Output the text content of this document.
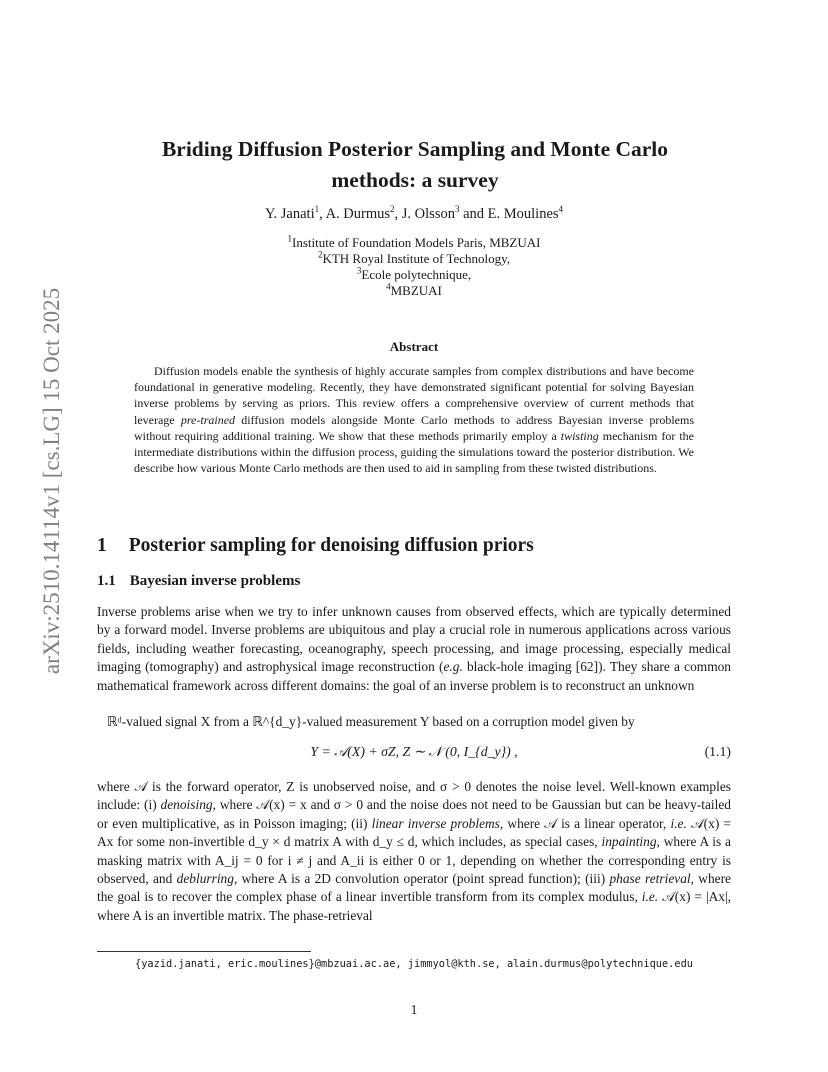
arXiv:2510.14114v1 [cs.LG] 15 Oct 2025
Briding Diffusion Posterior Sampling and Monte Carlo
methods: a survey
Y. Janati$^1$, A. Durmus$^2$, J. Olsson$^3$ and E. Moulines$^4$
$^1$Institute of Foundation Models Paris, MBZUAI
$^2$KTH Royal Institute of Technology,
$^3$Ecole polytechnique,
$^4$MBZUAI
Abstract
Diffusion models enable the synthesis of highly accurate samples from complex distributions and have become foundational in generative modeling. Recently, they have demonstrated significant potential for solving Bayesian inverse problems by serving as priors. This review offers a comprehensive overview of current methods that leverage pre-trained diffusion models alongside Monte Carlo methods to address Bayesian inverse problems without requiring additional training. We show that these methods primarily employ a twisting mechanism for the intermediate distributions within the diffusion process, guiding the simulations toward the posterior distribution. We describe how various Monte Carlo methods are then used to aid in sampling from these twisted distributions.
1 Posterior sampling for denoising diffusion priors
1.1 Bayesian inverse problems
Inverse problems arise when we try to infer unknown causes from observed effects, which are typically determined by a forward model. Inverse problems are ubiquitous and play a crucial role in numerous applications across various fields, including weather forecasting, oceanography, speech processing, and image processing, especially medical imaging (tomography) and astrophysical image reconstruction (e.g. black-hole imaging [62]). They share a common mathematical framework across different domains: the goal of an inverse problem is to reconstruct an unknown
ℝᵈ-valued signal X from a ℝ^{d_y}-valued measurement Y based on a corruption model given by
Y = 𝒜(X) + σZ, Z ∼ 𝒩 (0, I_{d_y}) ,	(1.1)
where 𝒜 is the forward operator, Z is unobserved noise, and σ > 0 denotes the noise level. Well-known examples include: (i) denoising, where 𝒜(x) = x and σ > 0 and the noise does not need to be Gaussian but can be heavy-tailed or even multiplicative, as in Poisson imaging; (ii) linear inverse problems, where 𝒜 is a linear operator, i.e. 𝒜(x) = Ax for some non-invertible d_y × d matrix A with d_y ≤ d, which includes, as special cases, inpainting, where A is a masking matrix with A_ij = 0 for i ≠ j and A_ii is either 0 or 1, depending on whether the corresponding entry is observed, and deblurring, where A is a 2D convolution operator (point spread function); (iii) phase retrieval, where the goal is to recover the complex phase of a linear invertible transform from its complex modulus, i.e. 𝒜(x) = |Ax|, where A is an invertible matrix. The phase-retrieval
{yazid.janati, eric.moulines}@mbzuai.ac.ae, jimmyol@kth.se, alain.durmus@polytechnique.edu
1
